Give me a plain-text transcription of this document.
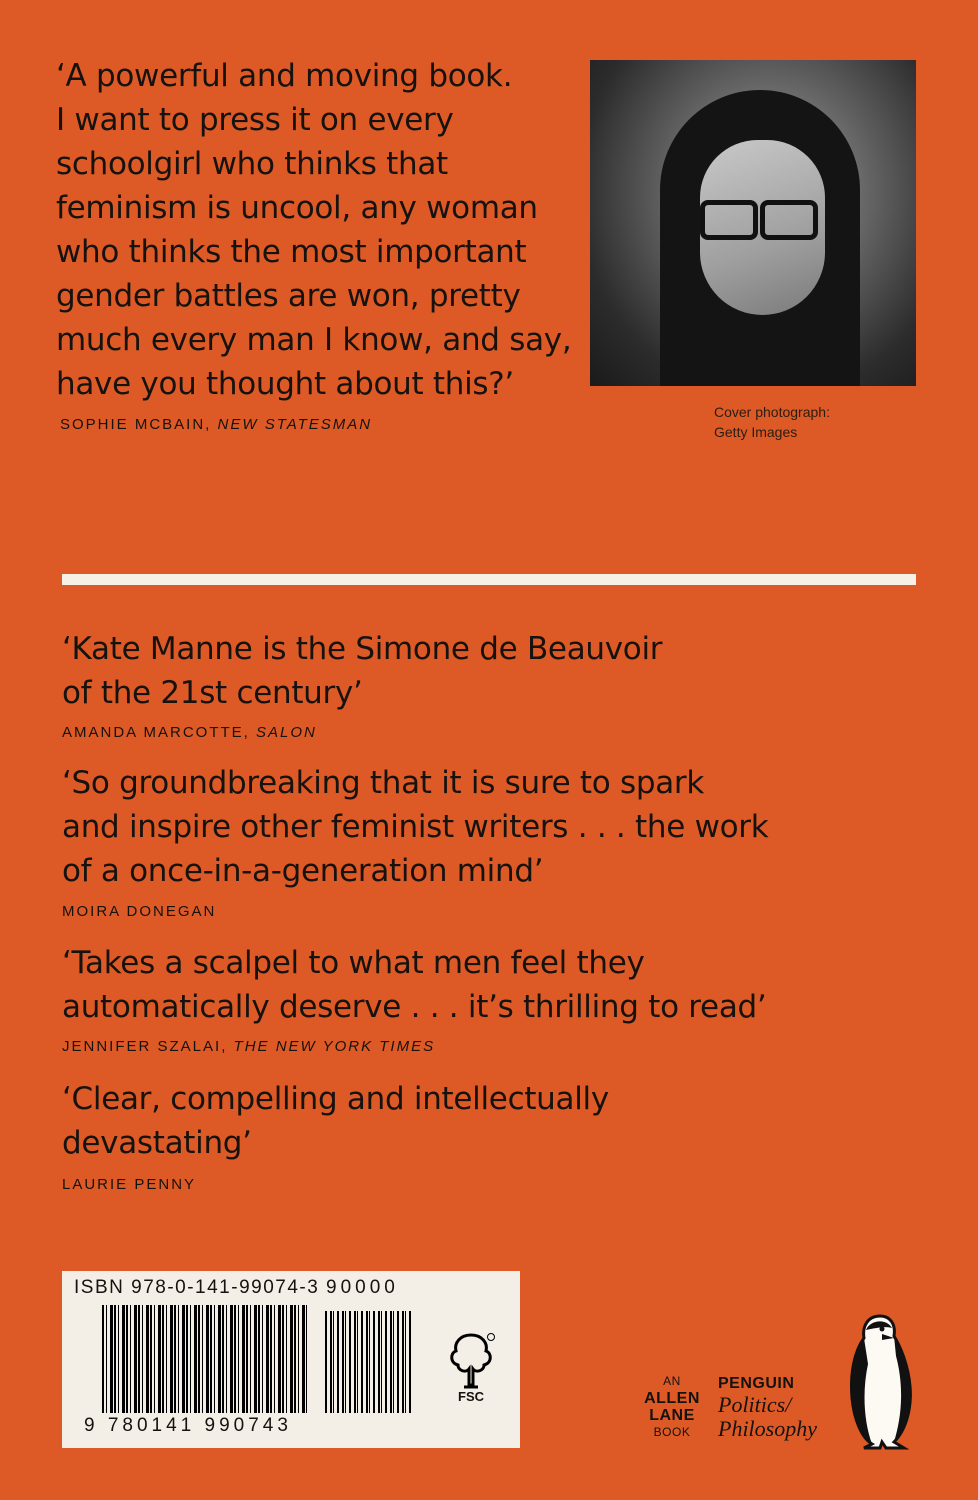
‘A powerful and moving book.
I want to press it on every
schoolgirl who thinks that
feminism is uncool, any woman
who thinks the most important
gender battles are won, pretty
much every man I know, and say,
have you thought about this?’
SOPHIE MCBAIN, NEW STATESMAN
Cover photograph:
Getty Images
‘Kate Manne is the Simone de Beauvoir
of the 21st century’
AMANDA MARCOTTE, SALON
‘So groundbreaking that it is sure to spark
and inspire other feminist writers . . . the work
of a once-in-a-generation mind’
MOIRA DONEGAN
‘Takes a scalpel to what men feel they
automatically deserve . . . it’s thrilling to read’
JENNIFER SZALAI, THE NEW YORK TIMES
‘Clear, compelling and intellectually
devastating’
LAURIE PENNY
ISBN 978-0-141-99074-3 90000
FSC
9 780141 990743
AN
ALLEN
LANE
BOOK
PENGUIN
Politics/
Philosophy
